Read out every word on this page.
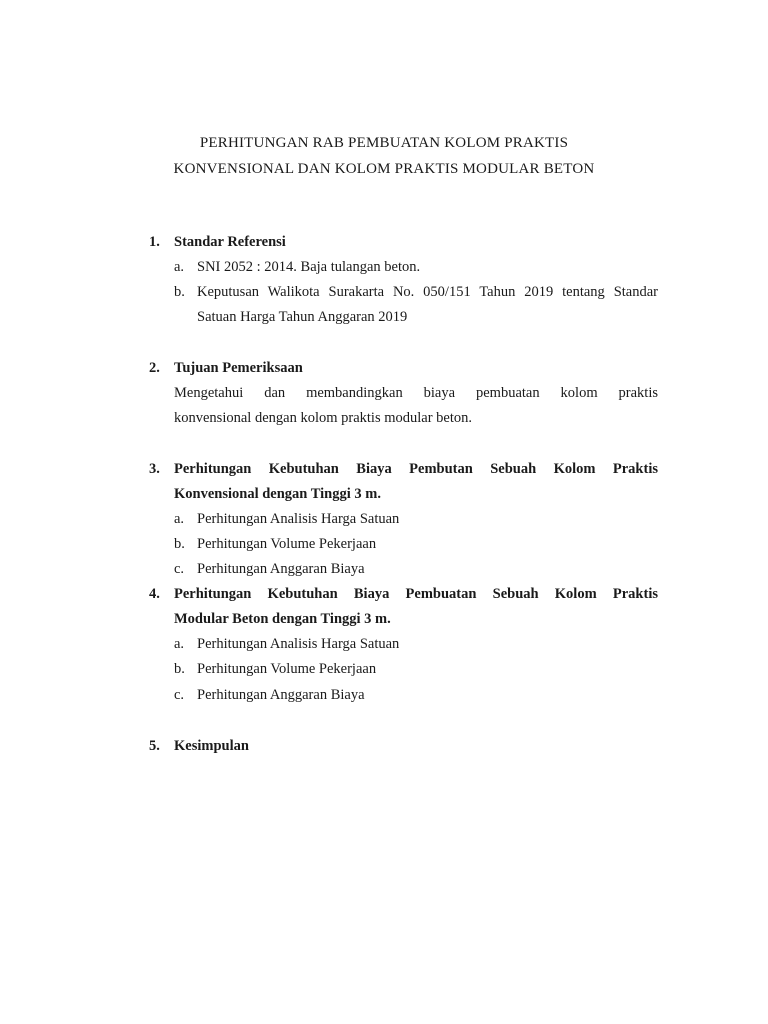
PERHITUNGAN RAB PEMBUATAN KOLOM PRAKTIS
KONVENSIONAL DAN KOLOM PRAKTIS MODULAR BETON
1. Standar Referensi
a. SNI 2052 : 2014. Baja tulangan beton.
b. Keputusan Walikota Surakarta No. 050/151 Tahun 2019 tentang Standar
Satuan Harga Tahun Anggaran 2019
2. Tujuan Pemeriksaan
Mengetahui dan membandingkan biaya pembuatan kolom praktis
konvensional dengan kolom praktis modular beton.
3. Perhitungan Kebutuhan Biaya Pembutan Sebuah Kolom Praktis
Konvensional dengan Tinggi 3 m.
a. Perhitungan Analisis Harga Satuan
b. Perhitungan Volume Pekerjaan
c. Perhitungan Anggaran Biaya
4. Perhitungan Kebutuhan Biaya Pembuatan Sebuah Kolom Praktis
Modular Beton dengan Tinggi 3 m.
a. Perhitungan Analisis Harga Satuan
b. Perhitungan Volume Pekerjaan
c. Perhitungan Anggaran Biaya
5. Kesimpulan
